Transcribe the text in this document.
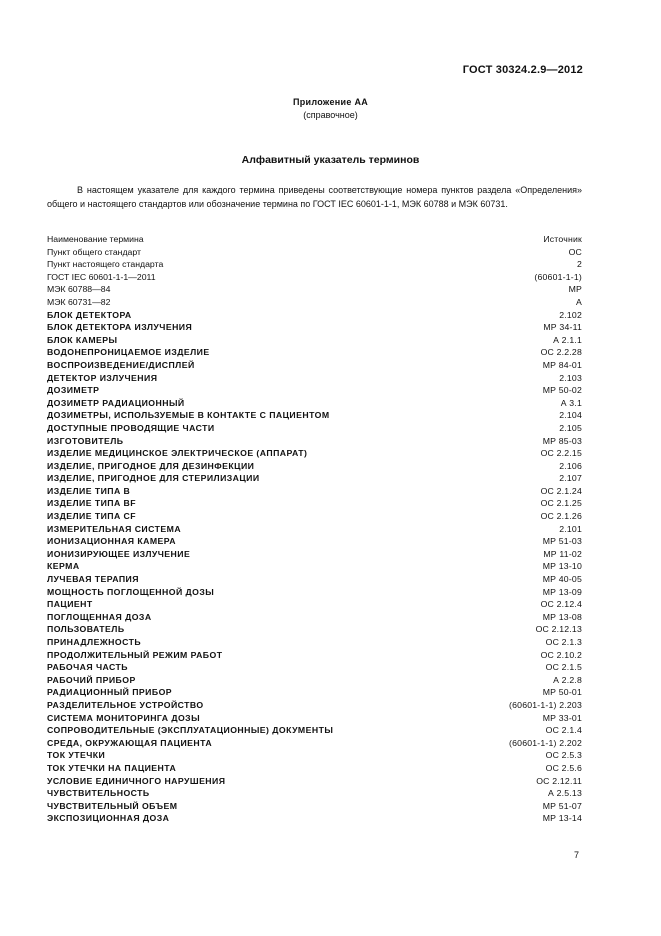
ГОСТ 30324.2.9—2012
Приложение АА
(справочное)
Алфавитный указатель терминов
В настоящем указателе для каждого термина приведены соответствующие номера пунктов раздела «Определения» общего и настоящего стандартов или обозначение термина по ГОСТ IEC 60601-1-1, МЭК 60788 и МЭК 60731.
Наименование термина	Источник
Пункт общего стандарт	ОС
Пункт настоящего стандарта	2
ГОСТ IEC 60601-1-1—2011	(60601-1-1)
МЭК 60788—84	МР
МЭК 60731—82	А
БЛОК ДЕТЕКТОРА	2.102
БЛОК ДЕТЕКТОРА ИЗЛУЧЕНИЯ	МР 34-11
БЛОК КАМЕРЫ	А 2.1.1
ВОДОНЕПРОНИЦАЕМОЕ ИЗДЕЛИЕ	ОС 2.2.28
ВОСПРОИЗВЕДЕНИЕ/ДИСПЛЕЙ	МР 84-01
ДЕТЕКТОР ИЗЛУЧЕНИЯ	2.103
ДОЗИМЕТР	МР 50-02
ДОЗИМЕТР РАДИАЦИОННЫЙ	А 3.1
ДОЗИМЕТРЫ, ИСПОЛЬЗУЕМЫЕ В КОНТАКТЕ С ПАЦИЕНТОМ	2.104
ДОСТУПНЫЕ ПРОВОДЯЩИЕ ЧАСТИ	2.105
ИЗГОТОВИТЕЛЬ	МР 85-03
ИЗДЕЛИЕ МЕДИЦИНСКОЕ ЭЛЕКТРИЧЕСКОЕ (АППАРАТ)	ОС 2.2.15
ИЗДЕЛИЕ, ПРИГОДНОЕ ДЛЯ ДЕЗИНФЕКЦИИ	2.106
ИЗДЕЛИЕ, ПРИГОДНОЕ ДЛЯ СТЕРИЛИЗАЦИИ	2.107
ИЗДЕЛИЕ ТИПА В	ОС 2.1.24
ИЗДЕЛИЕ ТИПА BF	ОС 2.1.25
ИЗДЕЛИЕ ТИПА CF	ОС 2.1.26
ИЗМЕРИТЕЛЬНАЯ СИСТЕМА	2.101
ИОНИЗАЦИОННАЯ КАМЕРА	МР 51-03
ИОНИЗИРУЮЩЕЕ ИЗЛУЧЕНИЕ	МР 11-02
КЕРМА	МР 13-10
ЛУЧЕВАЯ ТЕРАПИЯ	МР 40-05
МОЩНОСТЬ ПОГЛОЩЕННОЙ ДОЗЫ	МР 13-09
ПАЦИЕНТ	ОС 2.12.4
ПОГЛОЩЕННАЯ ДОЗА	МР 13-08
ПОЛЬЗОВАТЕЛЬ	ОС 2.12.13
ПРИНАДЛЕЖНОСТЬ	ОС 2.1.3
ПРОДОЛЖИТЕЛЬНЫЙ РЕЖИМ РАБОТ	ОС 2.10.2
РАБОЧАЯ ЧАСТЬ	ОС 2.1.5
РАБОЧИЙ ПРИБОР	А 2.2.8
РАДИАЦИОННЫЙ ПРИБОР	МР 50-01
РАЗДЕЛИТЕЛЬНОЕ УСТРОЙСТВО	(60601-1-1) 2.203
СИСТЕМА МОНИТОРИНГА ДОЗЫ	МР 33-01
СОПРОВОДИТЕЛЬНЫЕ (ЭКСПЛУАТАЦИОННЫЕ) ДОКУМЕНТЫ	ОС 2.1.4
СРЕДА, ОКРУЖАЮЩАЯ ПАЦИЕНТА	(60601-1-1) 2.202
ТОК УТЕЧКИ	ОС 2.5.3
ТОК УТЕЧКИ НА ПАЦИЕНТА	ОС 2.5.6
УСЛОВИЕ ЕДИНИЧНОГО НАРУШЕНИЯ	ОС 2.12.11
ЧУВСТВИТЕЛЬНОСТЬ	А 2.5.13
ЧУВСТВИТЕЛЬНЫЙ ОБЪЕМ	МР 51-07
ЭКСПОЗИЦИОННАЯ ДОЗА	МР 13-14
7
